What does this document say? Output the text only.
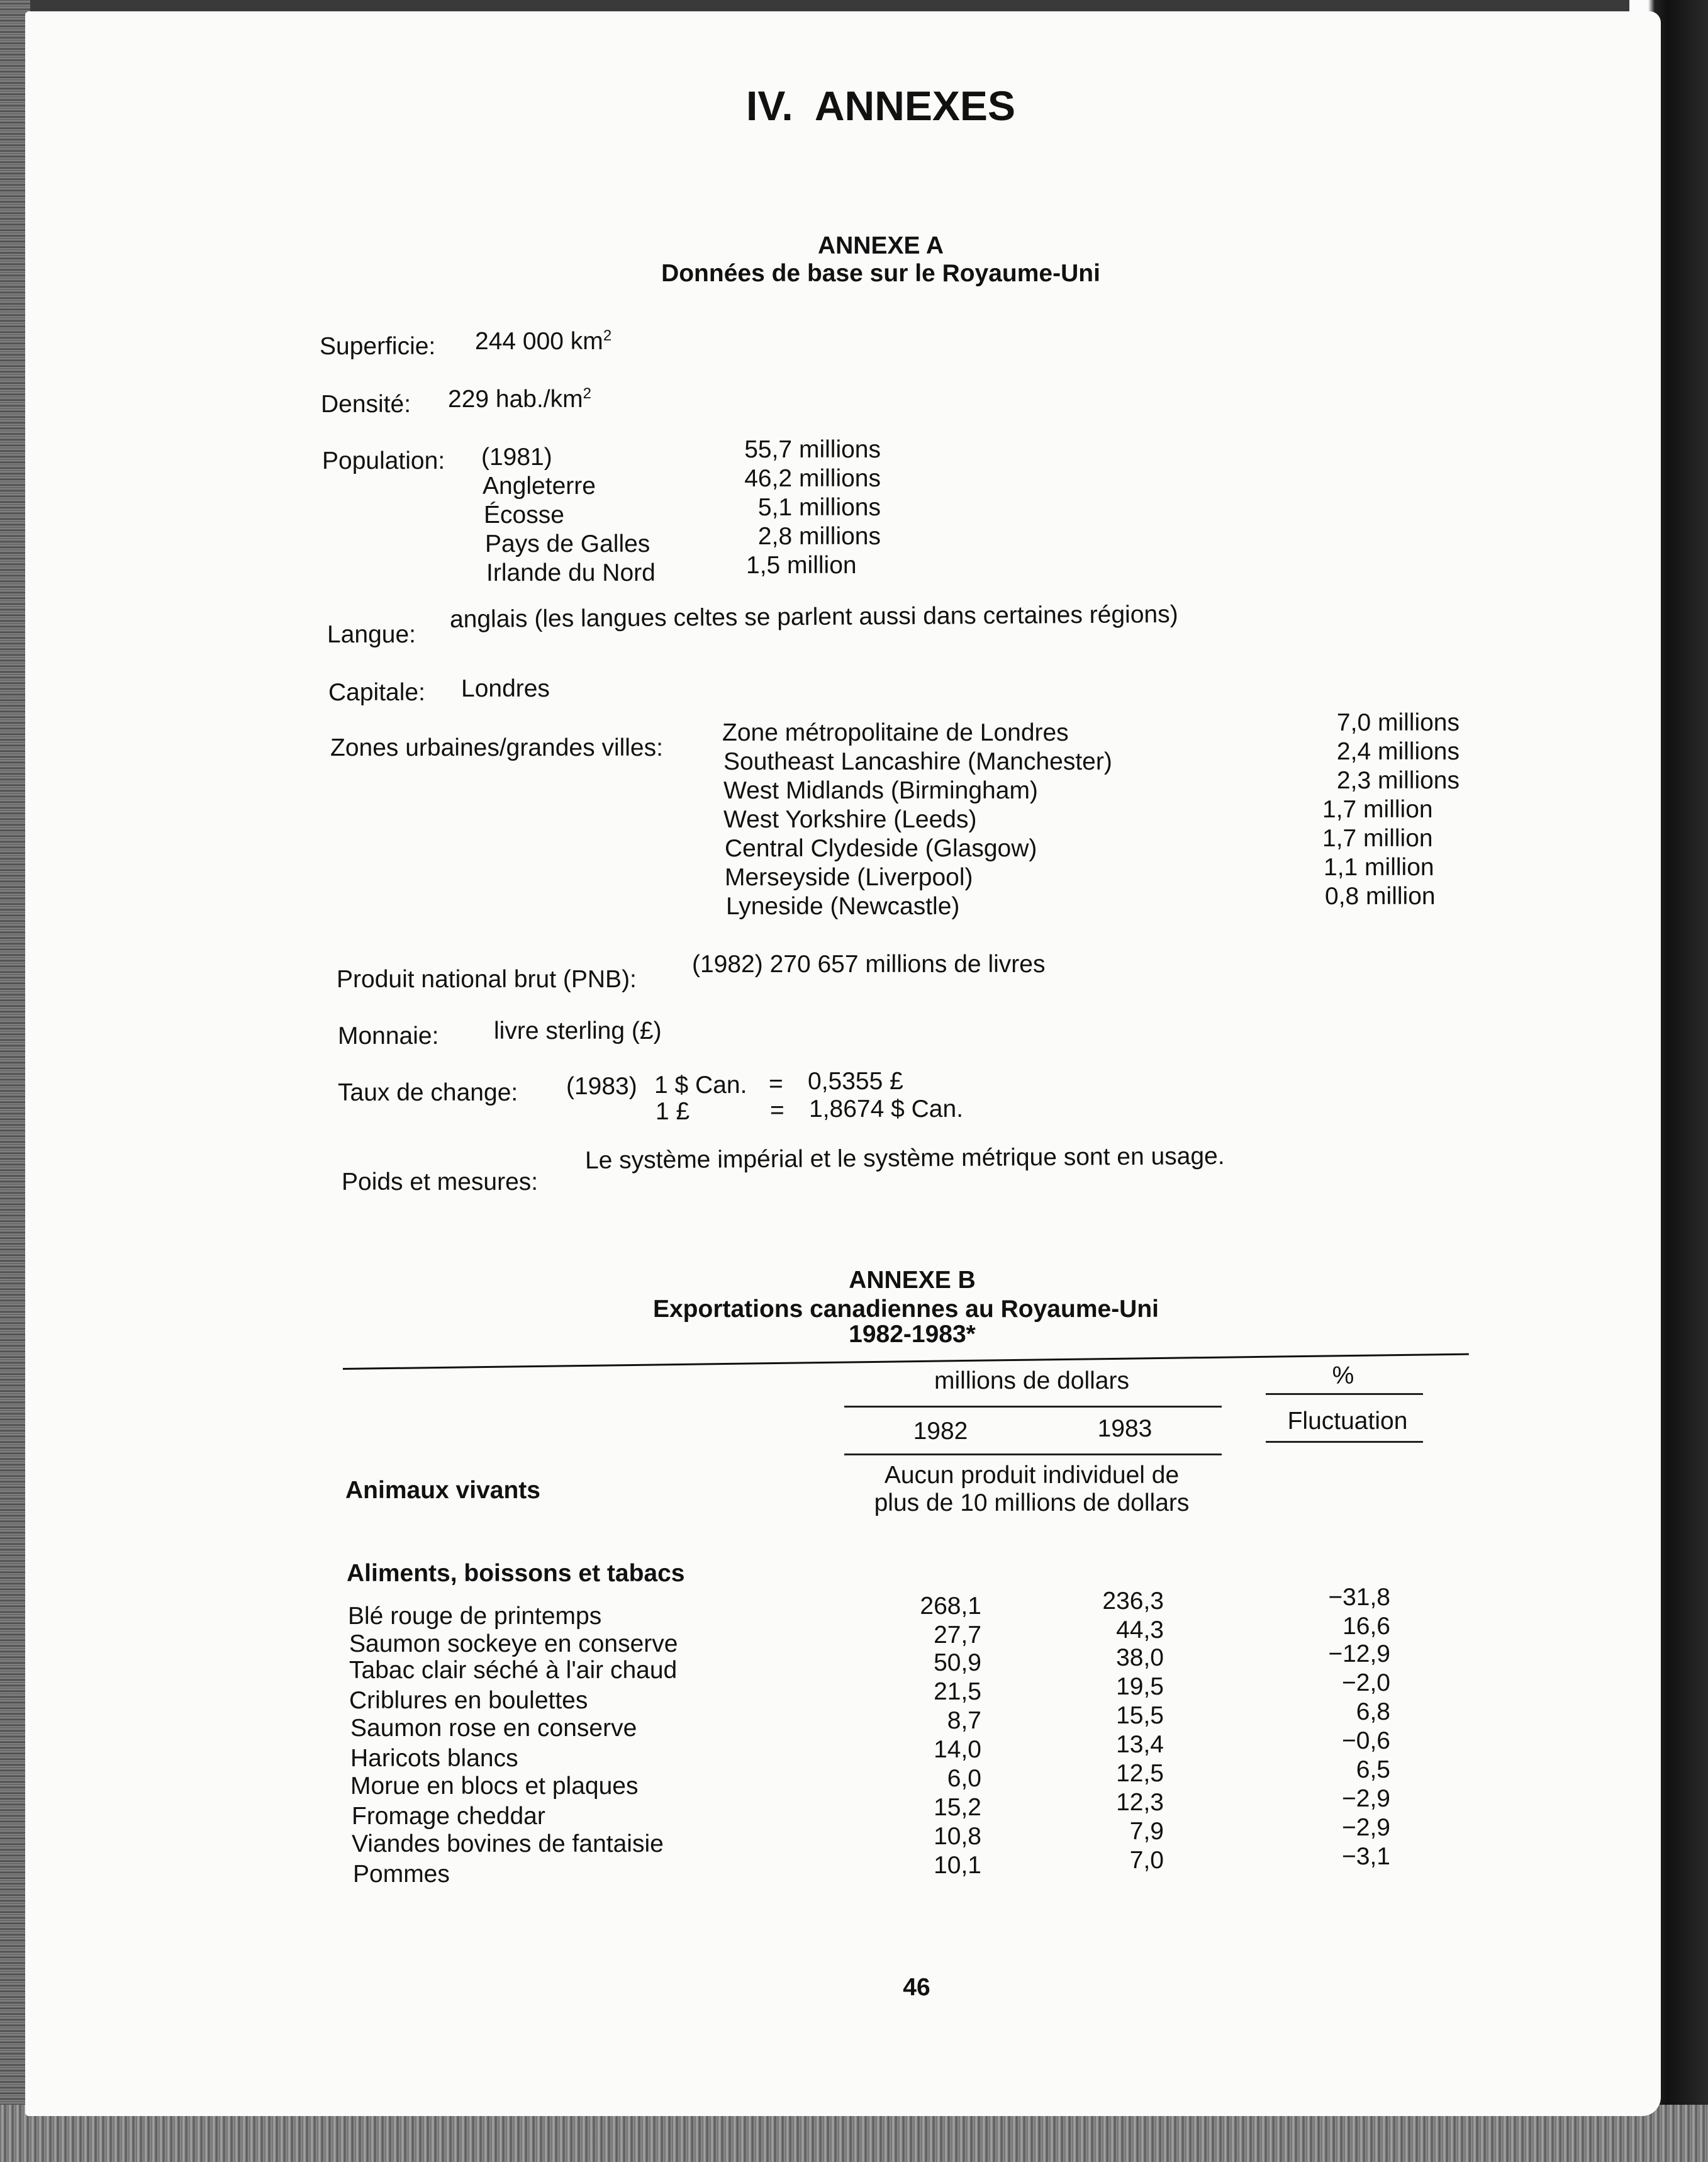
IV.  ANNEXES
ANNEXE A
Données de base sur le Royaume-Uni
Superficie: 244 000 $km^2$
Densité: 229 $hab./km^2$
Population: (1981)	55,7 millions
Angleterre	46,2 millions
Écosse	5,1 millions
Pays de Galles	2,8 millions
Irlande du Nord	1,5 million
Langue:
anglais (les langues celtes se parlent aussi dans certaines régions)
Capitale: Londres
Zones urbaines/grandes villes:
Zone métropolitaine de Londres	7,0 millions
Southeast Lancashire (Manchester)	2,4 millions
West Midlands (Birmingham)	2,3 millions
West Yorkshire (Leeds)	1,7 million
Central Clydeside (Glasgow)	1,7 million
Merseyside (Liverpool)	1,1 million
Lyneside (Newcastle)	0,8 million
Produit national brut (PNB):
(1982) 270 657 millions de livres
Monnaie: livre sterling (£)
Taux de change: (1983) 1 $ Can. = 0,5355 £
1 £	= 1,8674 $ Can.
Poids et mesures:
Le système impérial et le système métrique sont en usage.
ANNEXE B
Exportations canadiennes au Royaume-Uni
1982-1983*
millions de dollars	%
1982	1983	Fluctuation
Animaux vivants
Aucun produit individuel de
plus de 10 millions de dollars
Aliments, boissons et tabacs
Blé rouge de printemps	268,1	236,3	−31,8
Saumon sockeye en conserve	27,7	44,3	16,6
Tabac clair séché à l'air chaud	50,9	38,0	−12,9
Criblures en boulettes	21,5	19,5	−2,0
Saumon rose en conserve	8,7	15,5	6,8
Haricots blancs	14,0	13,4	−0,6
Morue en blocs et plaques	6,0	12,5	6,5
Fromage cheddar	15,2	12,3	−2,9
Viandes bovines de fantaisie	10,8	7,9	−2,9
Pommes	10,1	7,0	−3,1
46
